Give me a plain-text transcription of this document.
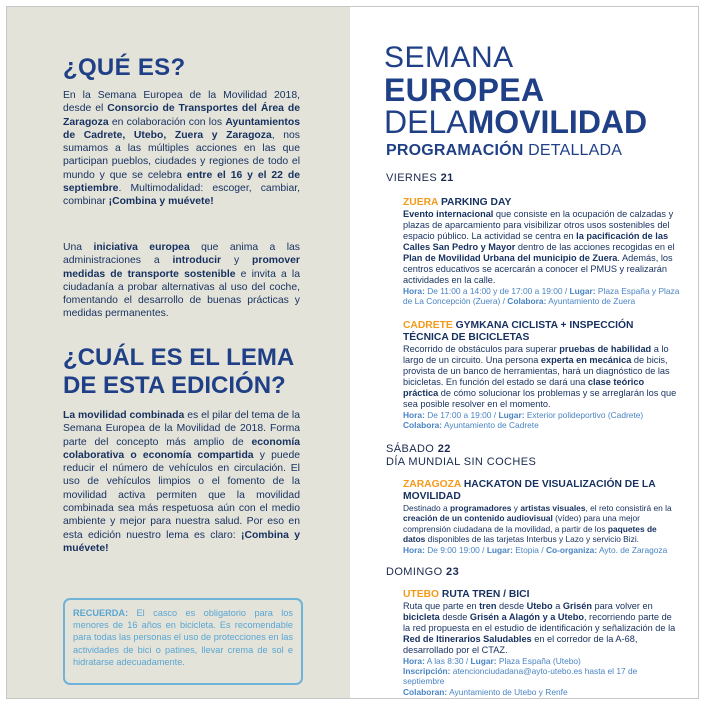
¿QUÉ ES?

En la Semana Europea de la Movilidad 2018, desde el Consorcio de Transportes del Área de Zaragoza en colaboración con los Ayuntamientos de Cadrete, Utebo, Zuera y Zaragoza, nos sumamos a las múltiples acciones en las que participan pueblos, ciudades y regiones de todo el mundo y que se celebra entre el 16 y el 22 de septiembre. Multimodalidad: escoger, cambiar, combinar ¡Combina y muévete!

Una iniciativa europea que anima a las administraciones a introducir y promover medidas de transporte sostenible e invita a la ciudadanía a probar alternativas al uso del coche, fomentando el desarrollo de buenas prácticas y medidas permanentes.

¿CUÁL ES EL LEMA
DE ESTA EDICIÓN?

La movilidad combinada es el pilar del tema de la Semana Europea de la Movilidad de 2018. Forma parte del concepto más amplio de economía colaborativa o economía compartida y puede reducir el número de vehículos en circulación. El uso de vehículos limpios o el fomento de la movilidad activa permiten que la movilidad combinada sea más respetuosa aún con el medio ambiente y mejor para nuestra salud. Por eso en esta edición nuestro lema es claro: ¡Combina y muévete!

RECUERDA: El casco es obligatorio para los menores de 16 años en bicicleta. Es recomendable para todas las personas el uso de protecciones en las actividades de bici o patines, llevar crema de sol e hidratarse adecuadamente.
SEMANA
EUROPEA
DELAMOVILIDAD
PROGRAMACIÓN DETALLADA
VIERNES 21
ZUERA PARKING DAY
Evento internacional que consiste en la ocupación de calzadas y plazas de aparcamiento para visibilizar otros usos sostenibles del espacio público. La actividad se centra en la pacificación de las Calles San Pedro y Mayor dentro de las acciones recogidas en el Plan de Movilidad Urbana del municipio de Zuera. Además, los centros educativos se acercarán a conocer el PMUS y realizarán actividades en la calle.
Hora: De 11:00 a 14:00 y de 17:00 a 19:00 / Lugar: Plaza España y Plaza de La Concepción (Zuera) / Colabora: Ayuntamiento de Zuera
CADRETE GYMKANA CICLISTA + INSPECCIÓN TÉCNICA DE BICICLETAS
Recorrido de obstáculos para superar pruebas de habilidad a lo largo de un circuito. Una persona experta en mecánica de bicis, provista de un banco de herramientas, hará un diagnóstico de las bicicletas. En función del estado se dará una clase teórico práctica de cómo solucionar los problemas y se arreglarán los que sea posible resolver en el momento.
Hora: De 17:00 a 19:00 / Lugar: Exterior polideportivo (Cadrete)
Colabora: Ayuntamiento de Cadrete
SÁBADO 22
DÍA MUNDIAL SIN COCHES
ZARAGOZA HACKATON DE VISUALIZACIÓN DE LA MOVILIDAD
Destinado a programadores y artistas visuales, el reto consistirá en la creación de un contenido audiovisual (vídeo) para una mejor comprensión ciudadana de la movilidad, a partir de los paquetes de datos disponibles de las tarjetas Interbus y Lazo y servicio Bizi.
Hora: De 9:00 19:00 / Lugar: Etopia / Co-organiza: Ayto. de Zaragoza
DOMINGO 23
UTEBO RUTA TREN / BICI
Ruta que parte en tren desde Utebo a Grisén para volver en bicicleta desde Grisén a Alagón y a Utebo, recorriendo parte de la red propuesta en el estudio de identificación y señalización de la Red de Itinerarios Saludables en el corredor de la A-68, desarrollado por el CTAZ.
Hora: A las 8:30 / Lugar: Plaza España (Utebo)
Inscripción: atencionciudadana@ayto-utebo.es hasta el 17 de septiembre
Colaboran: Ayuntamiento de Utebo y Renfe
